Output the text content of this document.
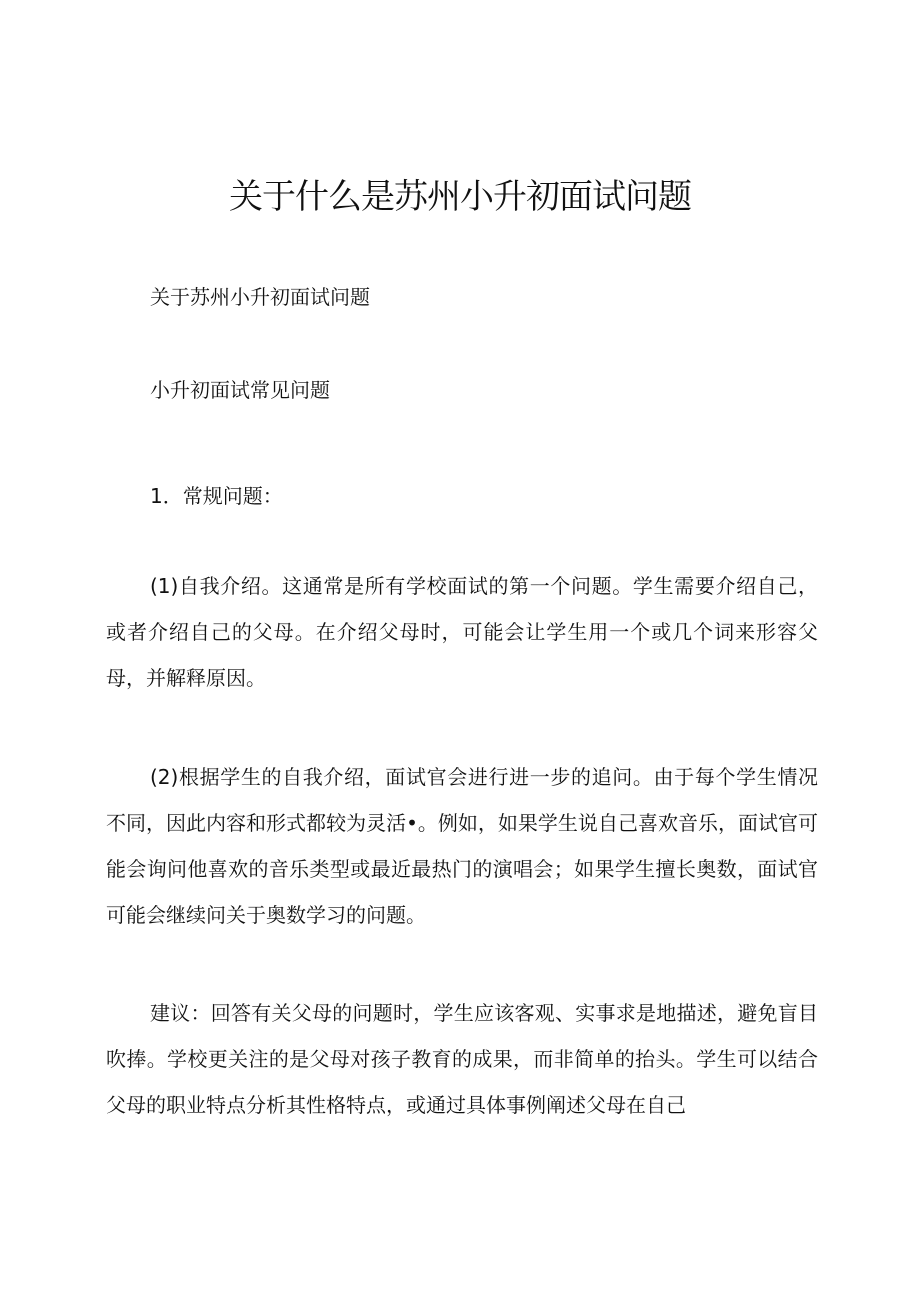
关于什么是苏州小升初面试问题

关于苏州小升初面试问题

小升初面试常见问题

1．常规问题：

(1)自我介绍。这通常是所有学校面试的第一个问题。学生需要介绍自己，或者介绍自己的父母。在介绍父母时，可能会让学生用一个或几个词来形容父母，并解释原因。

(2)根据学生的自我介绍，面试官会进行进一步的追问。由于每个学生情况不同，因此内容和形式都较为灵活•。例如，如果学生说自己喜欢音乐，面试官可能会询问他喜欢的音乐类型或最近最热门的演唱会；如果学生擅长奥数，面试官可能会继续问关于奥数学习的问题。

建议：回答有关父母的问题时，学生应该客观、实事求是地描述，避免盲目吹捧。学校更关注的是父母对孩子教育的成果，而非简单的抬头。学生可以结合父母的职业特点分析其性格特点，或通过具体事例阐述父母在自己
